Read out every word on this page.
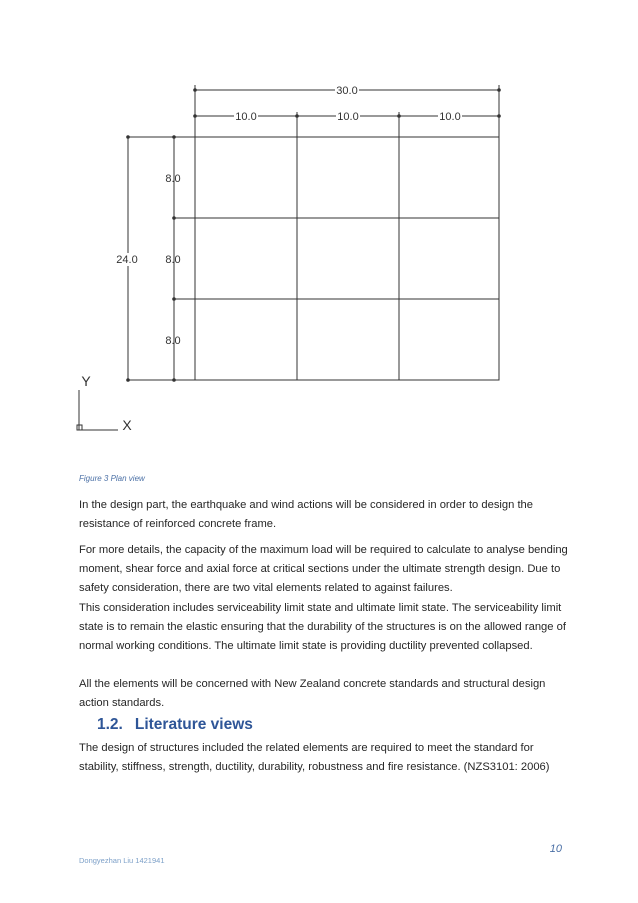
30.0
10.0	10.0	10.0
24.0
8.0
8.0
8.0
Y
X
Figure 3 Plan view

In the design part, the earthquake and wind actions will be considered in order to design the resistance of reinforced concrete frame.

For more details, the capacity of the maximum load will be required to calculate to analyse bending moment, shear force and axial force at critical sections under the ultimate strength design. Due to safety consideration, there are two vital elements related to against failures.

This consideration includes serviceability limit state and ultimate limit state. The serviceability limit state is to remain the elastic ensuring that the durability of the structures is on the allowed range of normal working conditions. The ultimate limit state is providing ductility prevented collapsed.

All the elements will be concerned with New Zealand concrete standards and structural design action standards.

1.2. Literature views

The design of structures included the related elements are required to meet the standard for stability, stiffness, strength, ductility, durability, robustness and fire resistance. (NZS3101: 2006)

10
Dongyezhan Liu 1421941
